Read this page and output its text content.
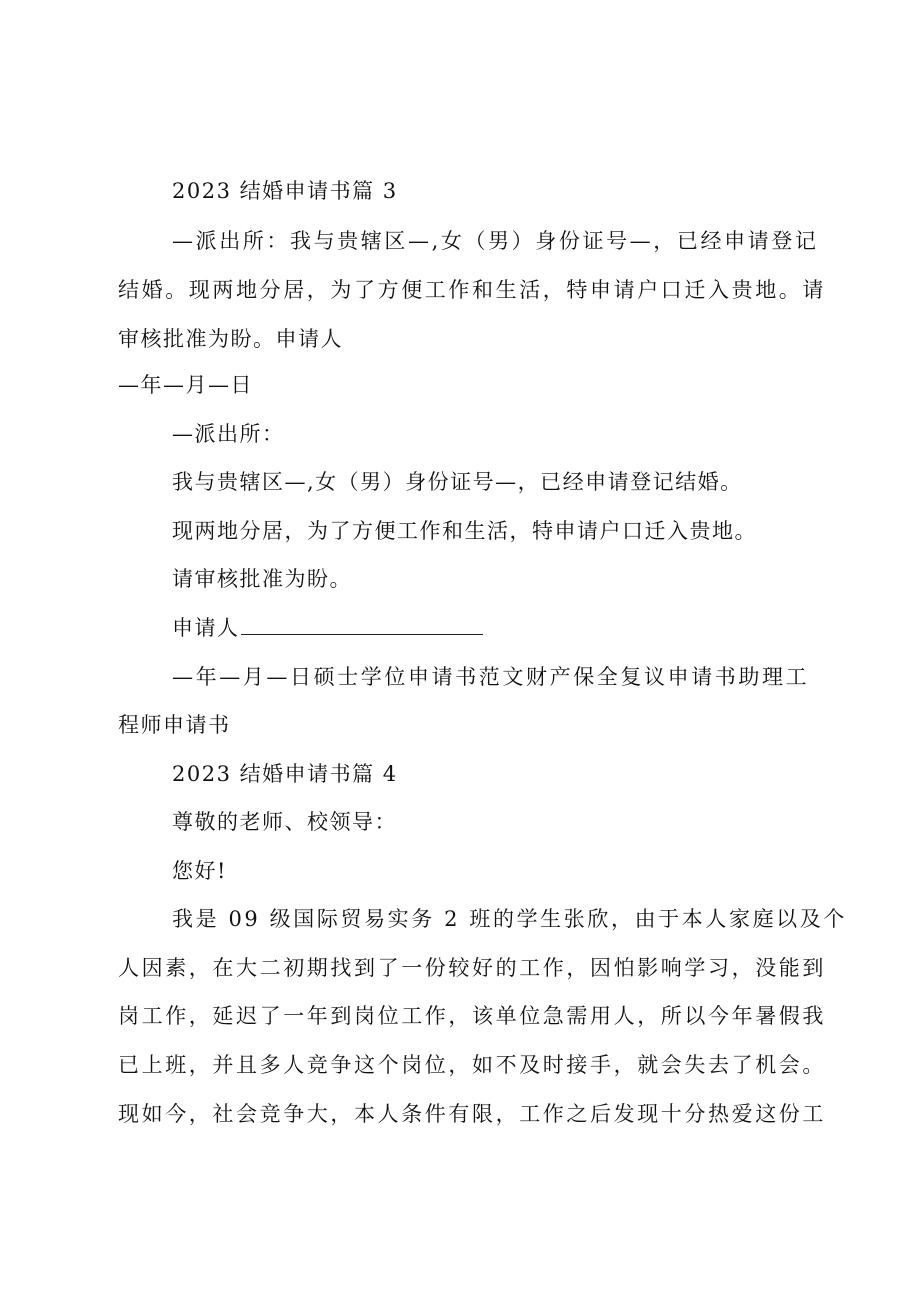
2023 结婚申请书篇 3
—派出所：我与贵辖区—,女（男）身份证号—，已经申请登记
结婚。现两地分居，为了方便工作和生活，特申请户口迁入贵地。请
审核批准为盼。申请人
—年—月—日
—派出所：
我与贵辖区—,女（男）身份证号—，已经申请登记结婚。
现两地分居，为了方便工作和生活，特申请户口迁入贵地。
请审核批准为盼。
申请人
—年—月—日硕士学位申请书范文财产保全复议申请书助理工
程师申请书
2023 结婚申请书篇 4
尊敬的老师、校领导：
您好!
我是 09 级国际贸易实务 2 班的学生张欣，由于本人家庭以及个
人因素，在大二初期找到了一份较好的工作，因怕影响学习，没能到
岗工作，延迟了一年到岗位工作，该单位急需用人，所以今年暑假我
已上班，并且多人竞争这个岗位，如不及时接手，就会失去了机会。
现如今，社会竞争大，本人条件有限，工作之后发现十分热爱这份工
